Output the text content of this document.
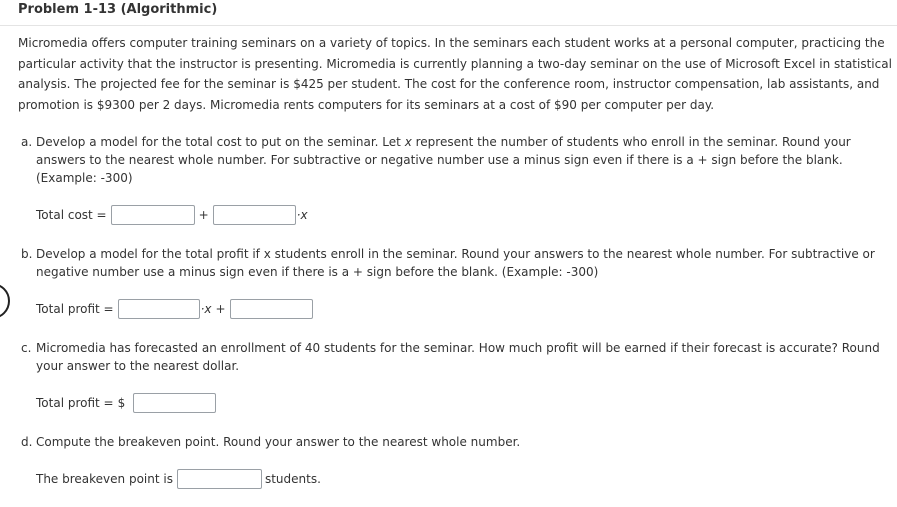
Problem 1-13 (Algorithmic)

Micromedia offers computer training seminars on a variety of topics. In the seminars each student works at a personal computer, practicing the particular activity that the instructor is presenting. Micromedia is currently planning a two-day seminar on the use of Microsoft Excel in statistical analysis. The projected fee for the seminar is $425 per student. The cost for the conference room, instructor compensation, lab assistants, and promotion is $9300 per 2 days. Micromedia rents computers for its seminars at a cost of $90 per computer per day.

a. Develop a model for the total cost to put on the seminar. Let x represent the number of students who enroll in the seminar. Round your answers to the nearest whole number. For subtractive or negative number use a minus sign even if there is a + sign before the blank. (Example: -300)
Total cost =	+	·x
b. Develop a model for the total profit if x students enroll in the seminar. Round your answers to the nearest whole number. For subtractive or negative number use a minus sign even if there is a + sign before the blank. (Example: -300)
Total profit =	·x +
c. Micromedia has forecasted an enrollment of 40 students for the seminar. How much profit will be earned if their forecast is accurate? Round your answer to the nearest dollar.
Total profit = $
d. Compute the breakeven point. Round your answer to the nearest whole number.
The breakeven point is	students.
